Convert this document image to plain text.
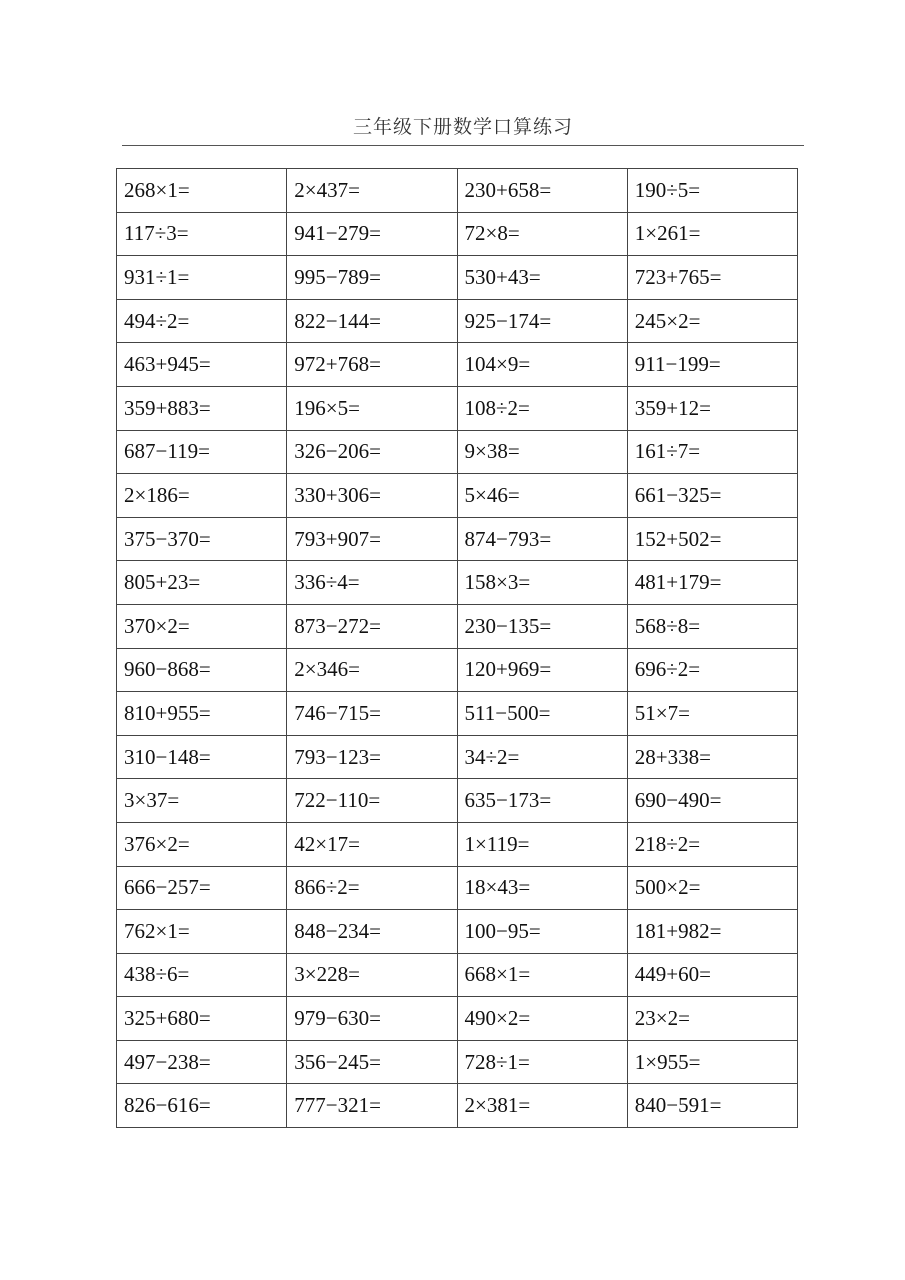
三年级下册数学口算练习
268×1=	2×437=	230+658=	190÷5=
117÷3=	941−279=	72×8=	1×261=
931÷1=	995−789=	530+43=	723+765=
494÷2=	822−144=	925−174=	245×2=
463+945=	972+768=	104×9=	911−199=
359+883=	196×5=	108÷2=	359+12=
687−119=	326−206=	9×38=	161÷7=
2×186=	330+306=	5×46=	661−325=
375−370=	793+907=	874−793=	152+502=
805+23=	336÷4=	158×3=	481+179=
370×2=	873−272=	230−135=	568÷8=
960−868=	2×346=	120+969=	696÷2=
810+955=	746−715=	511−500=	51×7=
310−148=	793−123=	34÷2=	28+338=
3×37=	722−110=	635−173=	690−490=
376×2=	42×17=	1×119=	218÷2=
666−257=	866÷2=	18×43=	500×2=
762×1=	848−234=	100−95=	181+982=
438÷6=	3×228=	668×1=	449+60=
325+680=	979−630=	490×2=	23×2=
497−238=	356−245=	728÷1=	1×955=
826−616=	777−321=	2×381=	840−591=
